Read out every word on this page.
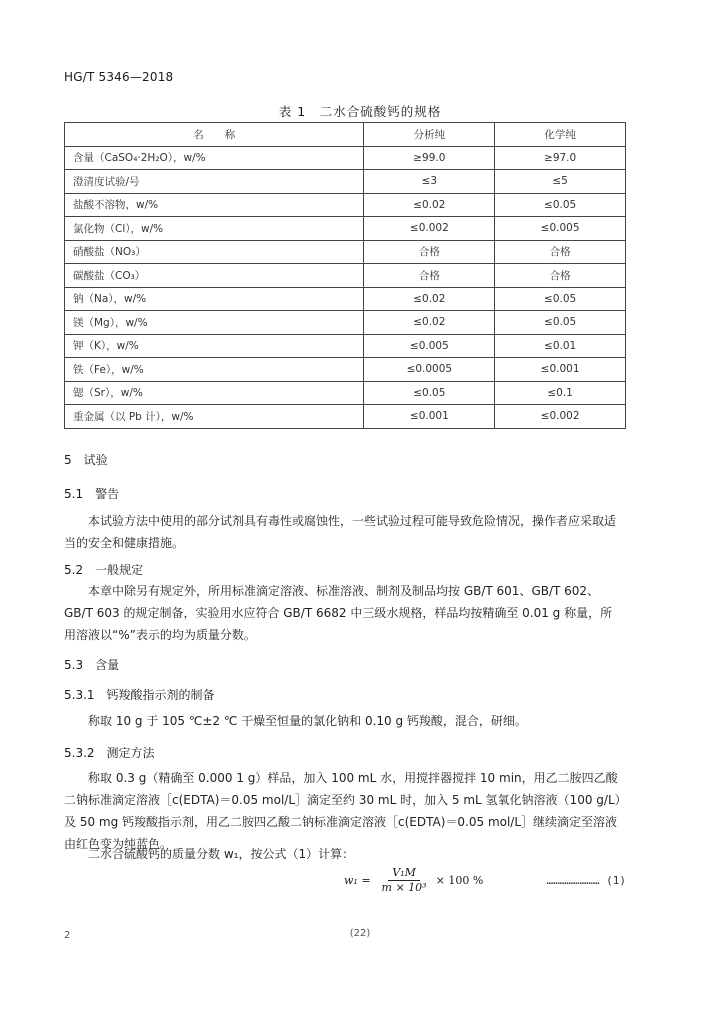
HG/T 5346—2018
表 1　二水合硫酸钙的规格
名　　称	分析纯	化学纯
含量（CaSO₄·2H₂O），w/%	≥99.0	≥97.0
澄清度试验/号	≤3	≤5
盐酸不溶物，w/%	≤0.02	≤0.05
氯化物（Cl），w/%	≤0.002	≤0.005
硝酸盐（NO₃）	合格	合格
碳酸盐（CO₃）	合格	合格
钠（Na），w/%	≤0.02	≤0.05
镁（Mg），w/%	≤0.02	≤0.05
钾（K），w/%	≤0.005	≤0.01
铁（Fe），w/%	≤0.0005	≤0.001
锶（Sr），w/%	≤0.05	≤0.1
重金属（以 Pb 计），w/%	≤0.001	≤0.002
5　试验
5.1　警告
本试验方法中使用的部分试剂具有毒性或腐蚀性，一些试验过程可能导致危险情况，操作者应采取适当的安全和健康措施。
5.2　一般规定
本章中除另有规定外，所用标准滴定溶液、标准溶液、制剂及制品均按 GB/T 601、GB/T 602、GB/T 603 的规定制备，实验用水应符合 GB/T 6682 中三级水规格，样品均按精确至 0.01 g 称量，所用溶液以“%”表示的均为质量分数。
5.3　含量
5.3.1　钙羧酸指示剂的制备
称取 10 g 于 105 ℃±2 ℃ 干燥至恒量的氯化钠和 0.10 g 钙羧酸，混合，研细。
5.3.2　测定方法
称取 0.3 g（精确至 0.000 1 g）样品，加入 100 mL 水，用搅拌器搅拌 10 min，用乙二胺四乙酸二钠标准滴定溶液［c(EDTA)＝0.05 mol/L］滴定至约 30 mL 时，加入 5 mL 氢氧化钠溶液（100 g/L）及 50 mg 钙羧酸指示剂，用乙二胺四乙酸二钠标准滴定溶液［c(EDTA)＝0.05 mol/L］继续滴定至溶液由红色变为纯蓝色。
二水合硫酸钙的质量分数 w₁，按公式（1）计算：
$w_1 = \frac{\text{V₁M}}{\text{m × 10³}} \times 100$ %	…………………… (1)
2	(22)
